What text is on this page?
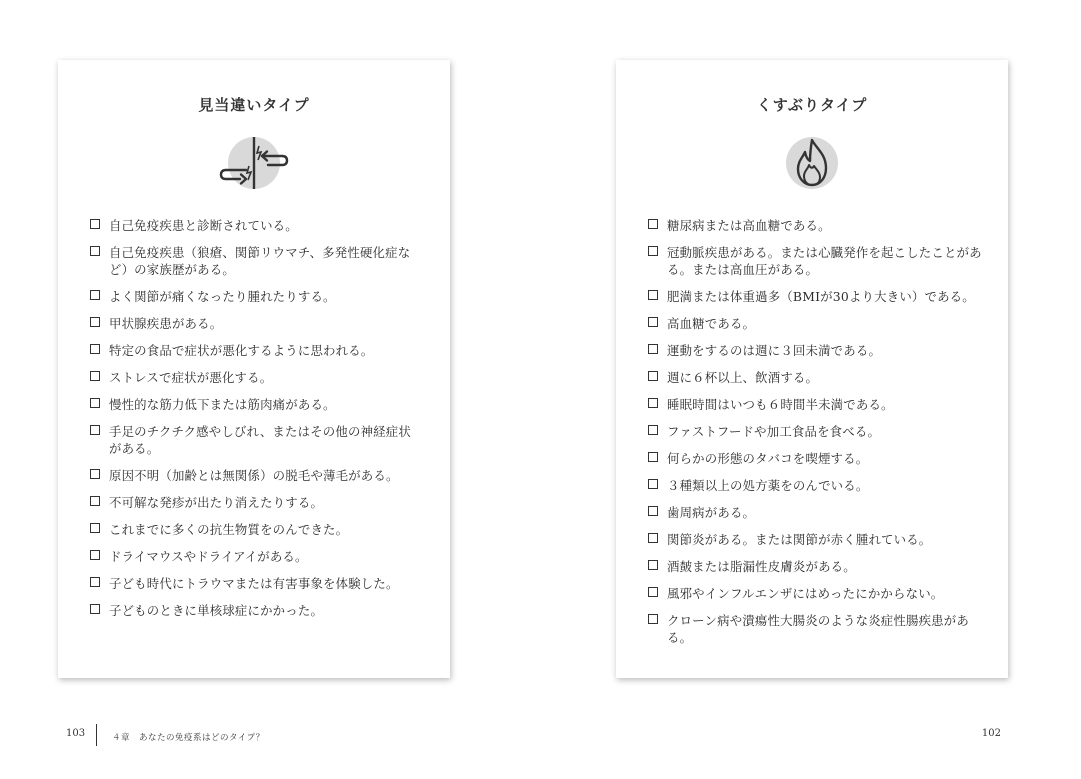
見当違いタイプ
自己免疫疾患と診断されている。
自己免疫疾患（狼瘡、関節リウマチ、多発性硬化症など）の家族歴がある。
よく関節が痛くなったり腫れたりする。
甲状腺疾患がある。
特定の食品で症状が悪化するように思われる。
ストレスで症状が悪化する。
慢性的な筋力低下または筋肉痛がある。
手足のチクチク感やしびれ、またはその他の神経症状がある。
原因不明（加齢とは無関係）の脱毛や薄毛がある。
不可解な発疹が出たり消えたりする。
これまでに多くの抗生物質をのんできた。
ドライマウスやドライアイがある。
子ども時代にトラウマまたは有害事象を体験した。
子どものときに単核球症にかかった。
くすぶりタイプ
糖尿病または高血糖である。
冠動脈疾患がある。または心臓発作を起こしたことがある。または高血圧がある。
肥満または体重過多（BMIが30より大きい）である。
高血糖である。
運動をするのは週に３回未満である。
週に６杯以上、飲酒する。
睡眠時間はいつも６時間半未満である。
ファストフードや加工食品を食べる。
何らかの形態のタバコを喫煙する。
３種類以上の処方薬をのんでいる。
歯周病がある。
関節炎がある。または関節が赤く腫れている。
酒皶または脂漏性皮膚炎がある。
風邪やインフルエンザにはめったにかからない。
クローン病や潰瘍性大腸炎のような炎症性腸疾患がある。
103	４章　あなたの免疫系はどのタイプ？	102
